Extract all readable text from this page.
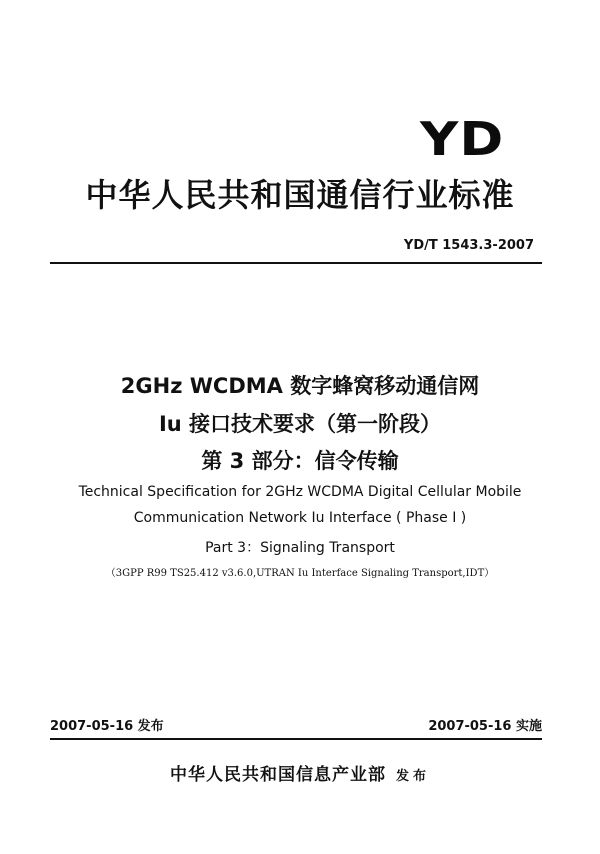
YD
中华人民共和国通信行业标准
YD/T 1543.3-2007
2GHz WCDMA 数字蜂窝移动通信网
Iu 接口技术要求（第一阶段）
第 3 部分：信令传输
Technical Specification for 2GHz WCDMA Digital Cellular Mobile
Communication Network Iu Interface ( Phase I )
Part 3：Signaling Transport
（3GPP R99 TS25.412 v3.6.0,UTRAN Iu Interface Signaling Transport,IDT）
2007-05-16 发布	2007-05-16 实施
中华人民共和国信息产业部 发布
